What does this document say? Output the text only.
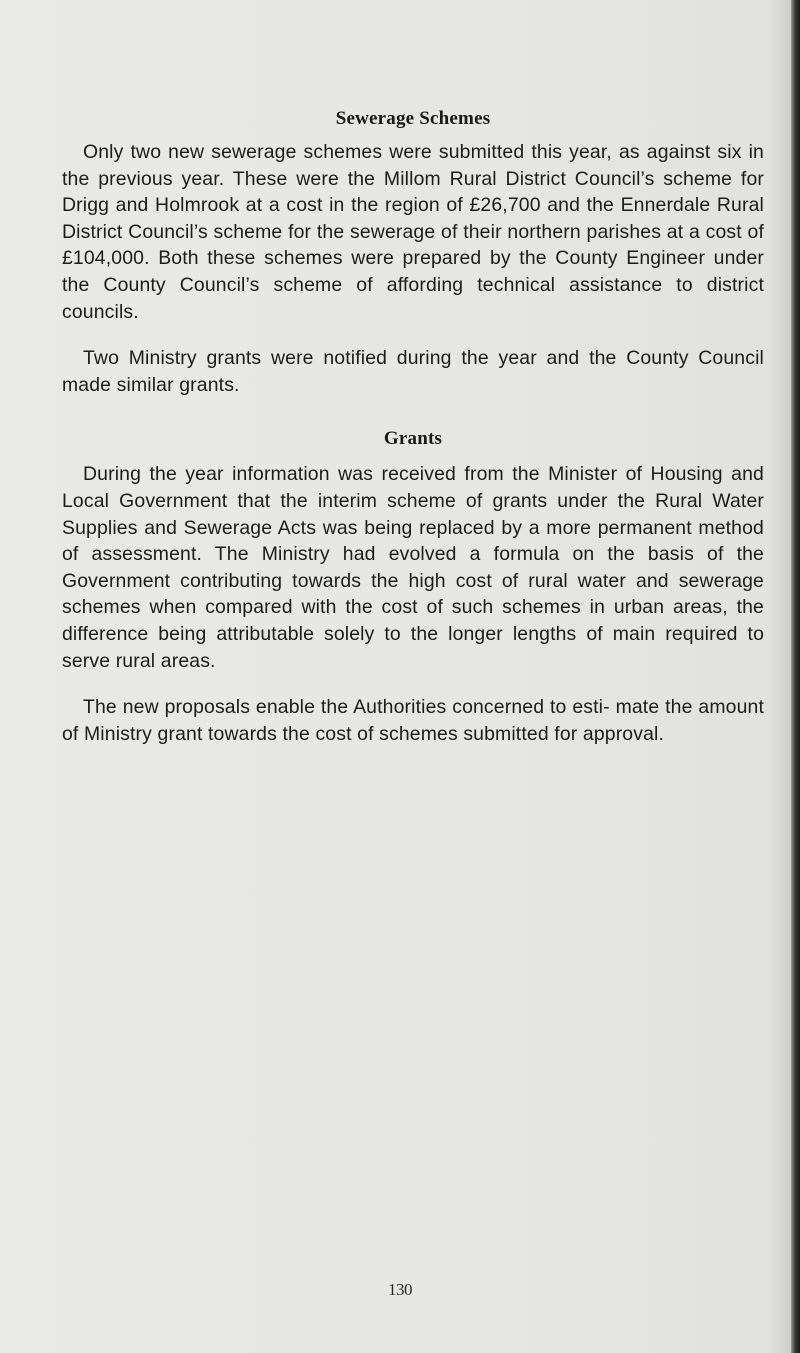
Sewerage Schemes

Only two new sewerage schemes were submitted this year, as against six in the previous year. These were the Millom Rural District Council’s scheme for Drigg and Holmrook at a cost in the region of £26,700 and the Ennerdale Rural District Council’s scheme for the sewerage of their northern parishes at a cost of £104,000. Both these schemes were prepared by the County Engineer under the County Council’s scheme of affording technical assistance to district councils.

Two Ministry grants were notified during the year and the County Council made similar grants.

Grants

During the year information was received from the Minister of Housing and Local Government that the interim scheme of grants under the Rural Water Supplies and Sewerage Acts was being replaced by a more permanent method of assessment. The Ministry had evolved a formula on the basis of the Government contributing towards the high cost of rural water and sewerage schemes when compared with the cost of such schemes in urban areas, the difference being attributable solely to the longer lengths of main required to serve rural areas.

The new proposals enable the Authorities concerned to esti- mate the amount of Ministry grant towards the cost of schemes submitted for approval.

130
